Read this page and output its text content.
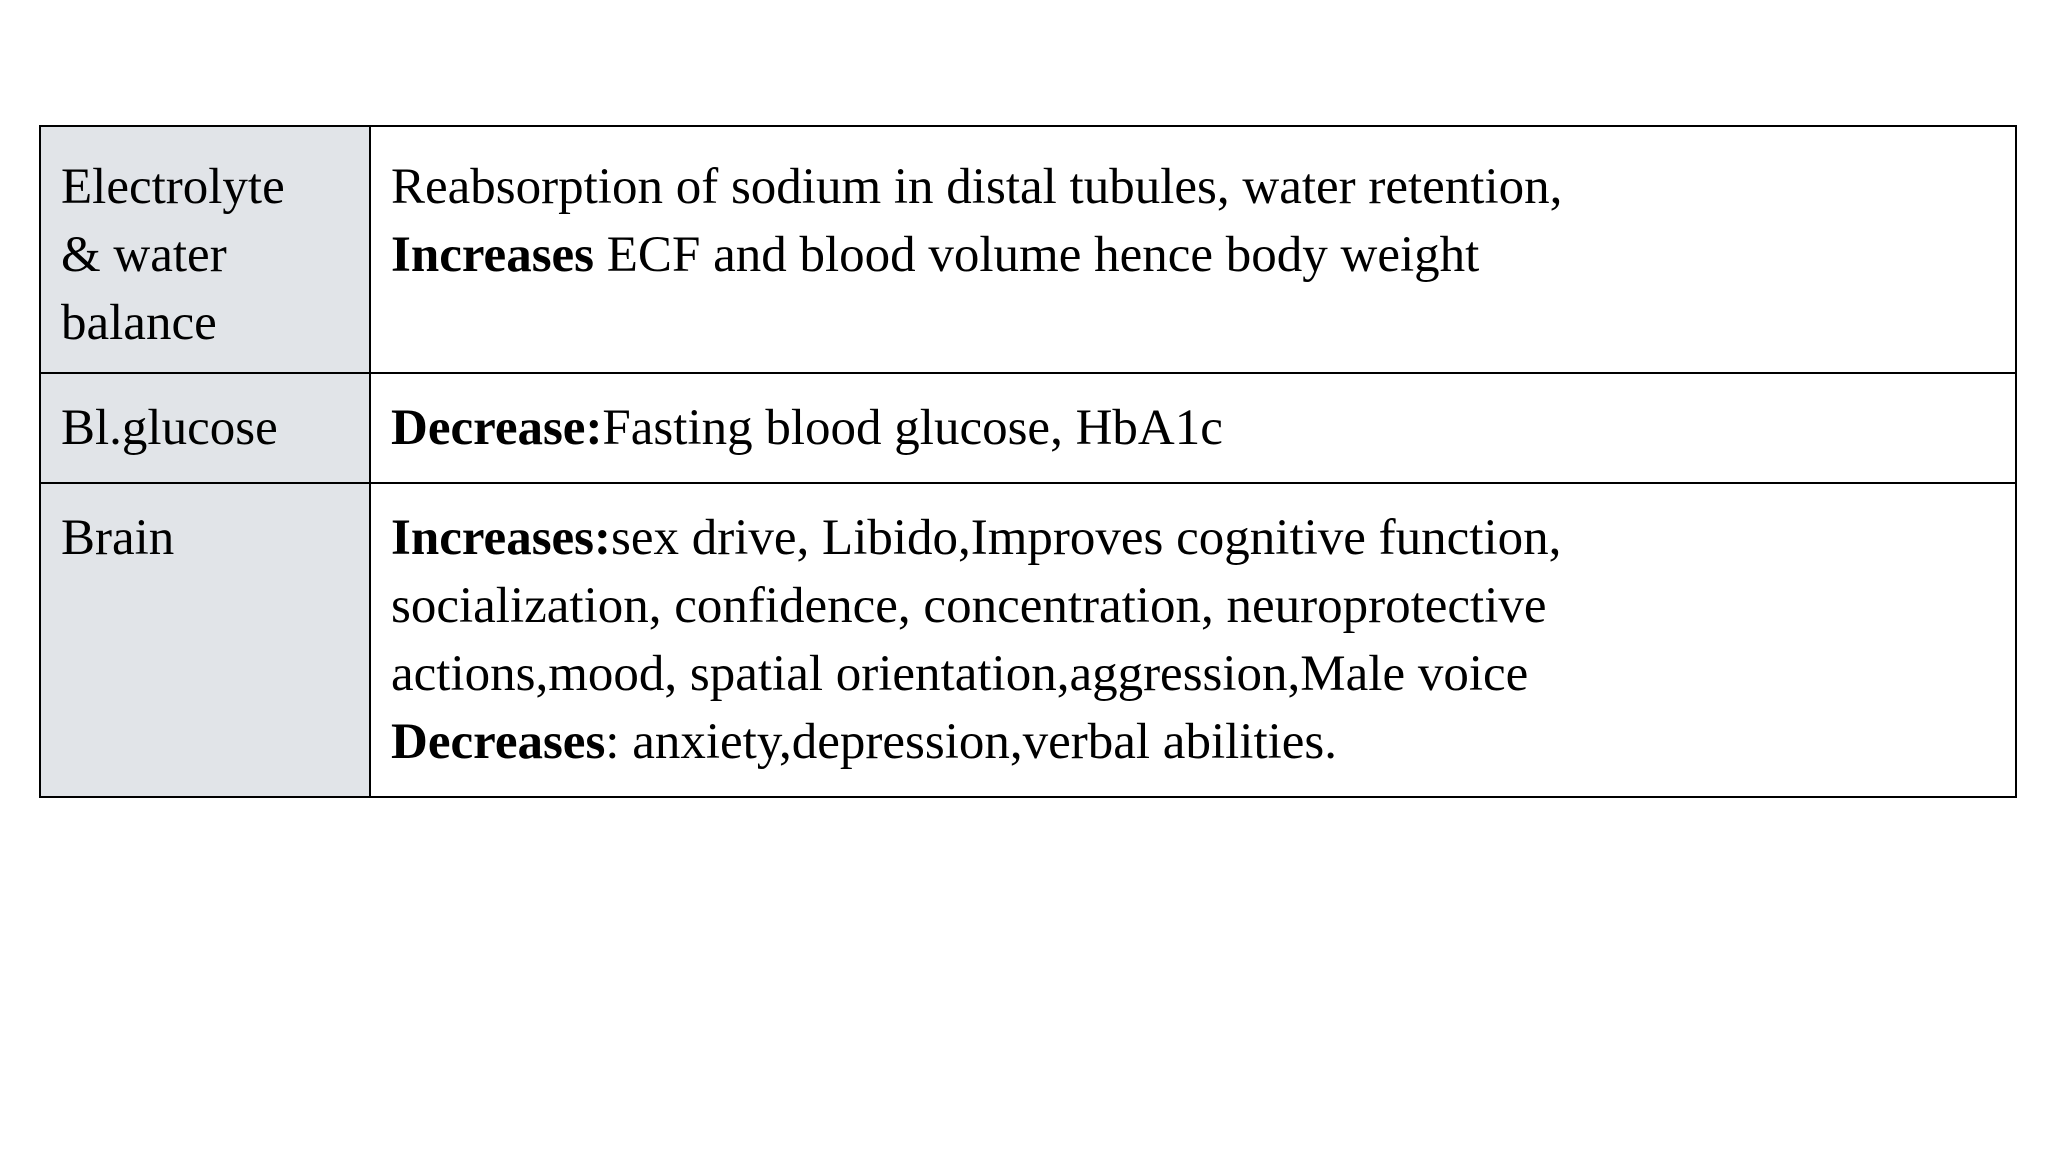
Electrolyte
& water
balance	Reabsorption of sodium in distal tubules, water retention,
Increases ECF and blood volume hence body weight

Bl.glucose	Decrease:Fasting blood glucose, HbA1c

Brain	Increases:sex drive, Libido,Improves cognitive function,
socialization, confidence, concentration, neuroprotective
actions,mood, spatial orientation,aggression,Male voice
Decreases: anxiety,depression,verbal abilities.
